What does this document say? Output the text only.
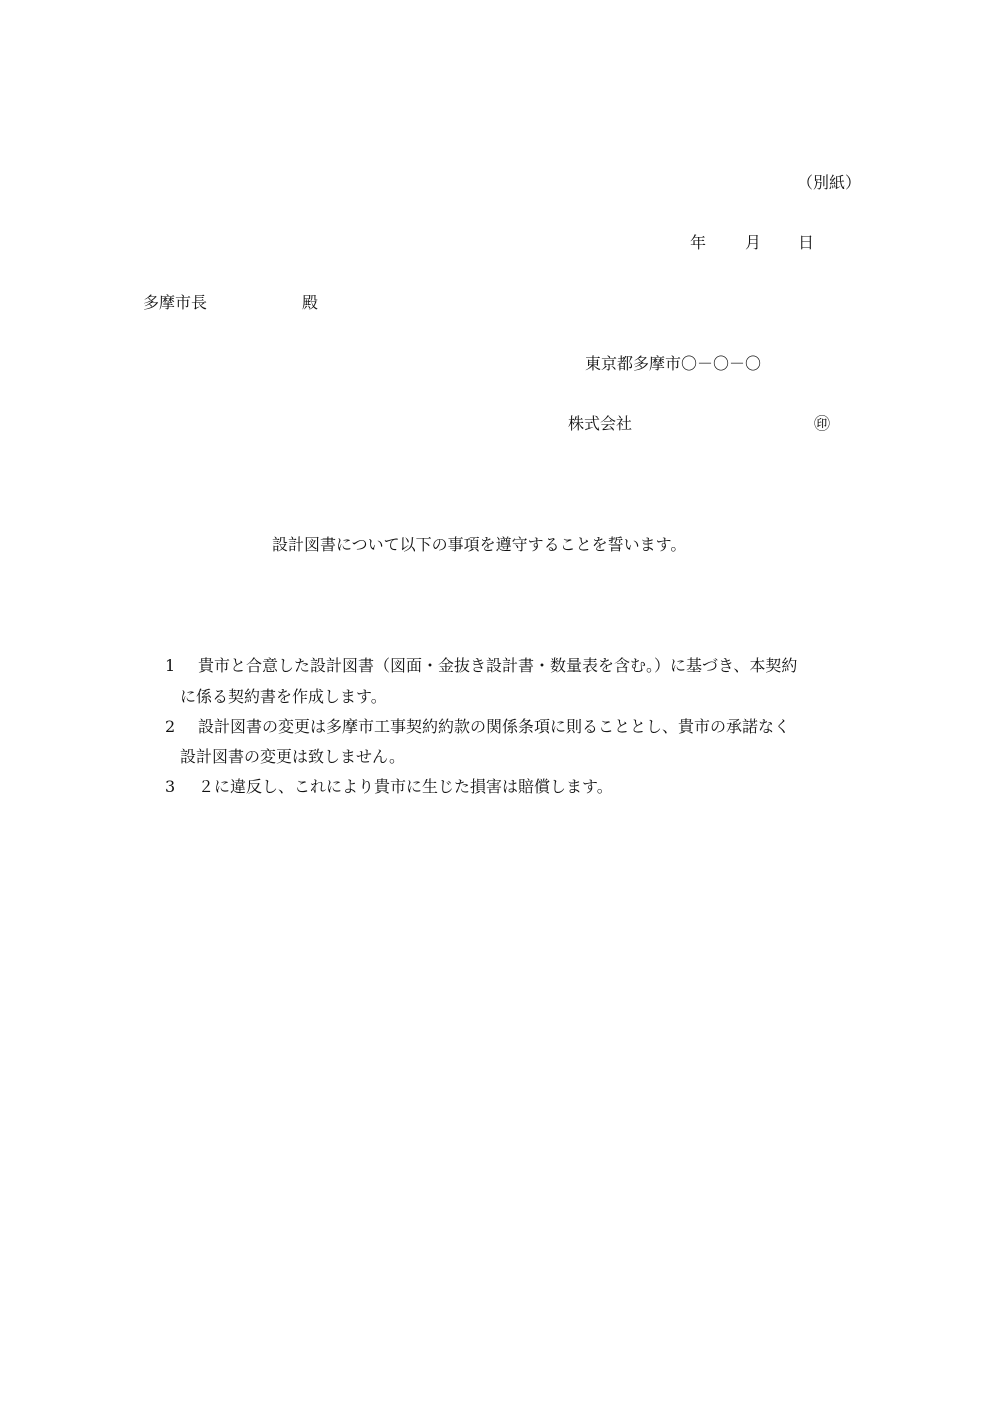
（別紙）
年 月 日
多摩市長	殿
東京都多摩市〇－〇－〇
株式会社	㊞
設計図書について以下の事項を遵守することを誓います。
1 貴市と合意した設計図書（図面・金抜き設計書・数量表を含む。）に基づき、本契約
に係る契約書を作成します。
2 設計図書の変更は多摩市工事契約約款の関係条項に則ることとし、貴市の承諾なく
設計図書の変更は致しません。
3 ２に違反し、これにより貴市に生じた損害は賠償します。
